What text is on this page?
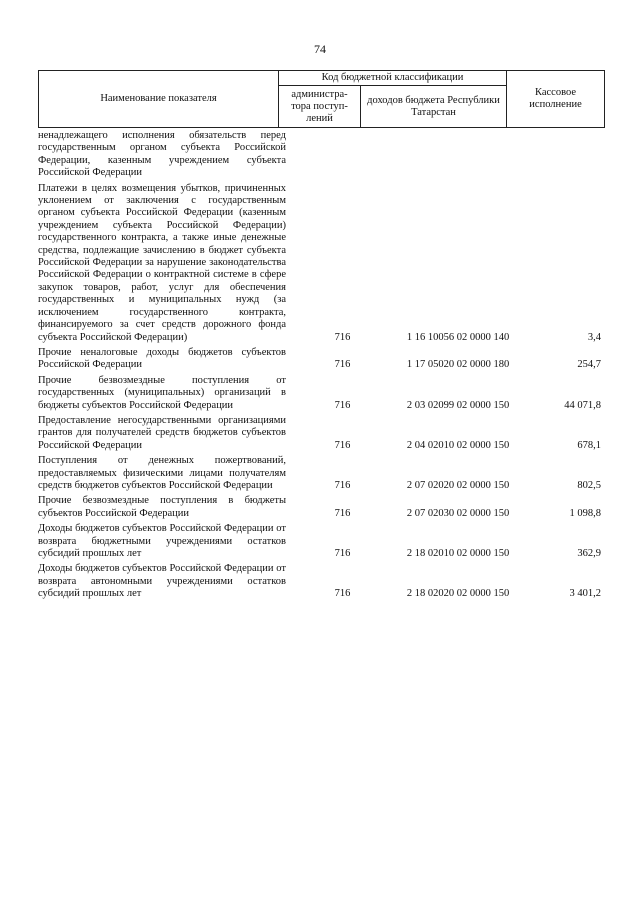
74
Наименование показателя	Код бюджетной классификации		Кассовое исполнение
	администра-тора поступ-лений	доходов бюджета Республики Татарстан	
ненадлежащего исполнения обязательств перед государственным органом субъекта Российской Федерации, казенным учреждением субъекта Российской Федерации
Платежи в целях возмещения убытков, причиненных уклонением от заключения с государственным органом субъекта Российской Федерации (казенным учреждением субъекта Российской Федерации) государственного контракта, а также иные денежные средства, подлежащие зачислению в бюджет субъекта Российской Федерации за нарушение законодательства Российской Федерации о контрактной системе в сфере закупок товаров, работ, услуг для обеспечения государственных и муниципальных нужд (за исключением государственного контракта, финансируемого за счет средств дорожного фонда субъекта Российской Федерации)	716	1 16 10056 02 0000 140	3,4
Прочие неналоговые доходы бюджетов субъектов Российской Федерации	716	1 17 05020 02 0000 180	254,7
Прочие безвозмездные поступления от государственных (муниципальных) организаций в бюджеты субъектов Российской Федерации	716	2 03 02099 02 0000 150	44 071,8
Предоставление негосударственными организациями грантов для получателей средств бюджетов субъектов Российской Федерации	716	2 04 02010 02 0000 150	678,1
Поступления от денежных пожертвований, предоставляемых физическими лицами получателям средств бюджетов субъектов Российской Федерации	716	2 07 02020 02 0000 150	802,5
Прочие безвозмездные поступления в бюджеты субъектов Российской Федерации	716	2 07 02030 02 0000 150	1 098,8
Доходы бюджетов субъектов Российской Федерации от возврата бюджетными учреждениями остатков субсидий прошлых лет	716	2 18 02010 02 0000 150	362,9
Доходы бюджетов субъектов Российской Федерации от возврата автономными учреждениями остатков субсидий прошлых лет	716	2 18 02020 02 0000 150	3 401,2
